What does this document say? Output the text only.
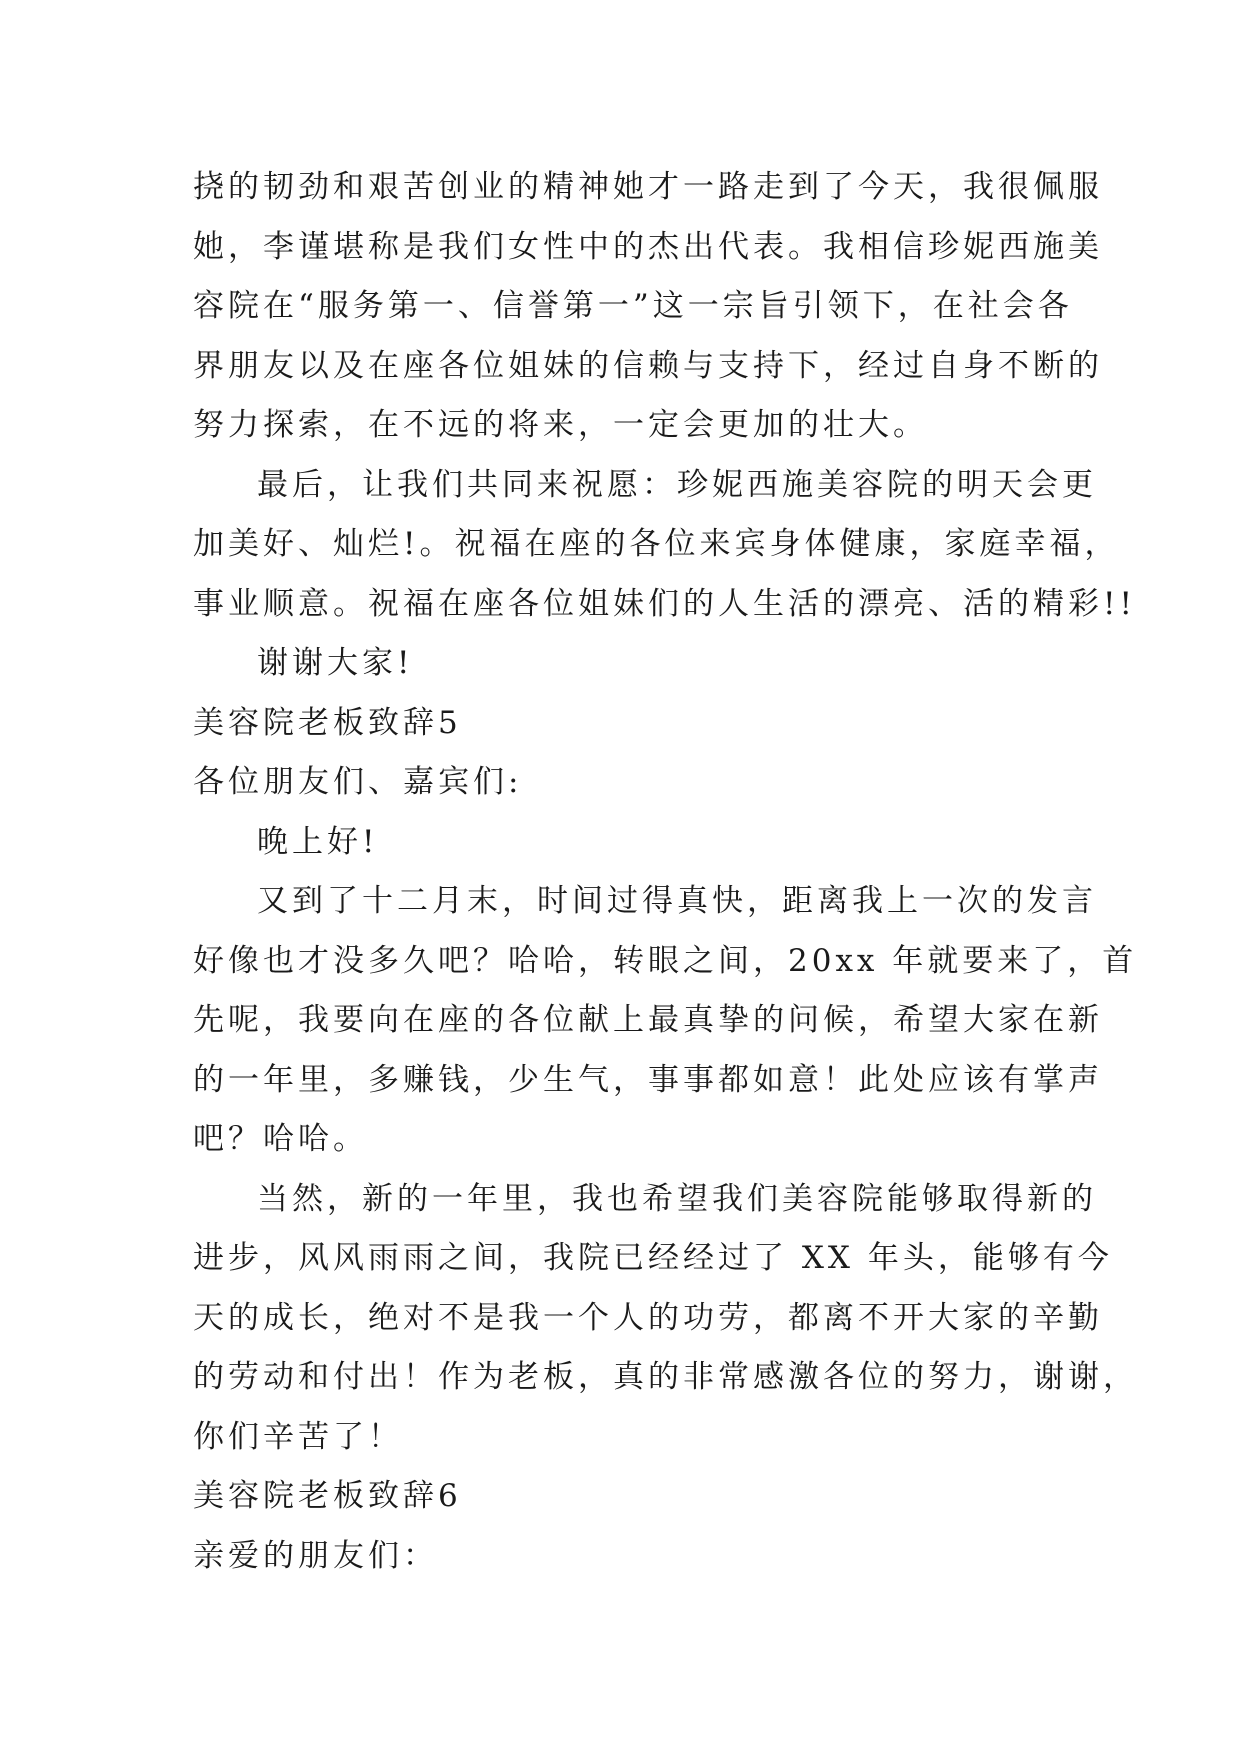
挠的韧劲和艰苦创业的精神她才一路走到了今天，我很佩服
她，李谨堪称是我们女性中的杰出代表。我相信珍妮西施美
容院在“服务第一、信誉第一”这一宗旨引领下，在社会各
界朋友以及在座各位姐妹的信赖与支持下，经过自身不断的
努力探索，在不远的将来，一定会更加的壮大。
最后，让我们共同来祝愿：珍妮西施美容院的明天会更
加美好、灿烂!。祝福在座的各位来宾身体健康，家庭幸福，
事业顺意。祝福在座各位姐妹们的人生活的漂亮、活的精彩!!
谢谢大家!
美容院老板致辞5
各位朋友们、嘉宾们:
晚上好!
又到了十二月末，时间过得真快，距离我上一次的发言
好像也才没多久吧？哈哈，转眼之间，20xx 年就要来了，首
先呢，我要向在座的各位献上最真挚的问候，希望大家在新
的一年里，多赚钱，少生气，事事都如意！此处应该有掌声
吧？哈哈。
当然，新的一年里，我也希望我们美容院能够取得新的
进步，风风雨雨之间，我院已经经过了 XX 年头，能够有今
天的成长，绝对不是我一个人的功劳，都离不开大家的辛勤
的劳动和付出！作为老板，真的非常感激各位的努力，谢谢，
你们辛苦了！
美容院老板致辞6
亲爱的朋友们：
